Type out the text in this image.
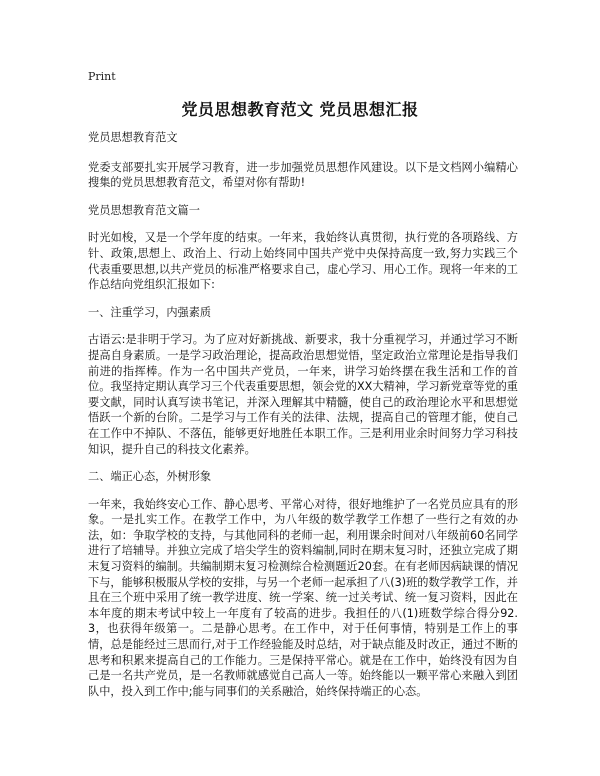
Print
党员思想教育范文 党员思想汇报

党员思想教育范文

党委支部要扎实开展学习教育，进一步加强党员思想作风建设。以下是文档网小编精心搜集的党员思想教育范文，希望对你有帮助!

党员思想教育范文篇一

时光如梭，又是一个学年度的结束。一年来，我始终认真贯彻，执行党的各项路线、方针、政策,思想上、政治上、行动上始终同中国共产党中央保持高度一致,努力实践三个代表重要思想,以共产党员的标准严格要求自己，虚心学习、用心工作。现将一年来的工作总结向党组织汇报如下:

一、注重学习，内强素质

古语云:是非明于学习。为了应对好新挑战、新要求，我十分重视学习，并通过学习不断提高自身素质。一是学习政治理论，提高政治思想觉悟，坚定政治立常理论是指导我们前进的指挥棒。作为一名中国共产党员，一年来，讲学习始终摆在我生活和工作的首位。我坚持定期认真学习三个代表重要思想，领会党的XX大精神，学习新党章等党的重要文献，同时认真写读书笔记，并深入理解其中精髓，使自己的政治理论水平和思想觉悟跃一个新的台阶。二是学习与工作有关的法律、法规，提高自己的管理才能，使自己在工作中不掉队、不落伍，能够更好地胜任本职工作。三是利用业余时间努力学习科技知识，提升自己的科技文化素养。

二、端正心态，外树形象

一年来，我始终安心工作、静心思考、平常心对待，很好地维护了一名党员应具有的形象。一是扎实工作。在教学工作中，为八年级的数学教学工作想了一些行之有效的办法，如：争取学校的支持，与其他同科的老师一起，利用课余时间对八年级前60名同学进行了培辅导。并独立完成了培尖学生的资料编制,同时在期末复习时，还独立完成了期末复习资料的编制。共编制期末复习检测综合检测题近20套。在有老师因病缺课的情况下与，能够积极服从学校的安排，与另一个老师一起承担了八(3)班的数学教学工作，并且在三个班中采用了统一教学进度、统一学案、统一过关考试、统一复习资料，因此在本年度的期末考试中较上一年度有了较高的进步。我担任的八(1)班数学综合得分92.3，也获得年级第一。二是静心思考。在工作中，对于任何事情，特别是工作上的事情，总是能经过三思而行,对于工作经验能及时总结，对于缺点能及时改正，通过不断的思考和积累来提高自己的工作能力。三是保持平常心。就是在工作中，始终没有因为自己是一名共产党员，是一名教师就感觉自己高人一等。始终能以一颗平常心来融入到团队中，投入到工作中;能与同事们的关系融洽，始终保持端正的心态。
